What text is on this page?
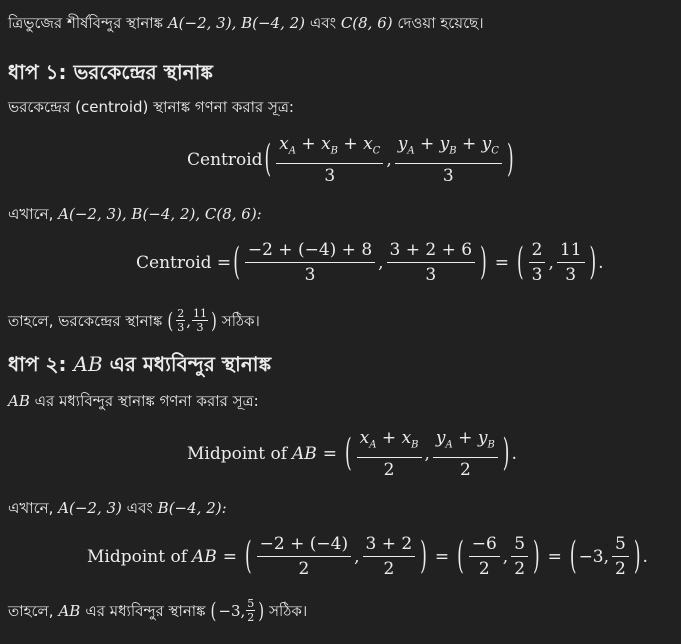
ত্রিভুজের শীর্ষবিন্দুর স্থানাঙ্ক A(−2, 3), B(−4, 2) এবং C(8, 6) দেওয়া হয়েছে।
ধাপ ১: ভরকেন্দ্রের স্থানাঙ্ক
ভরকেন্দ্রের (centroid) স্থানাঙ্ক গণনা করার সূত্র:
Centroid ( $\frac{x_A + x_B + x_C}{3}$ , $\frac{y_A + y_B + y_C}{3}$ )
এখানে, A(−2, 3), B(−4, 2), C(8, 6):
Centroid = ( $\frac{-2 + (-4) + 8}{3}$ , $\frac{3 + 2 + 6}{3}$ ) = ( $\frac{2}{3}$ , $\frac{11}{3}$ ) .
তাহলে, ভরকেন্দ্রের স্থানাঙ্ক ( $\frac{2}{3}$ , $\frac{11}{3}$ ) সঠিক।
ধাপ ২: AB এর মধ্যবিন্দুর স্থানাঙ্ক
AB এর মধ্যবিন্দুর স্থানাঙ্ক গণনা করার সূত্র:
Midpoint of AB = ( $\frac{x_A + x_B}{2}$ , $\frac{y_A + y_B}{2}$ ) .
এখানে, A(−2, 3) এবং B(−4, 2):
Midpoint of AB = ( $\frac{-2 + (-4)}{2}$ , $\frac{3 + 2}{2}$ ) = ( $\frac{-6}{2}$ , $\frac{5}{2}$ ) = ( −3, $\frac{5}{2}$ ) .
তাহলে, AB এর মধ্যবিন্দুর স্থানাঙ্ক ( −3, $\frac{5}{2}$ ) সঠিক।
